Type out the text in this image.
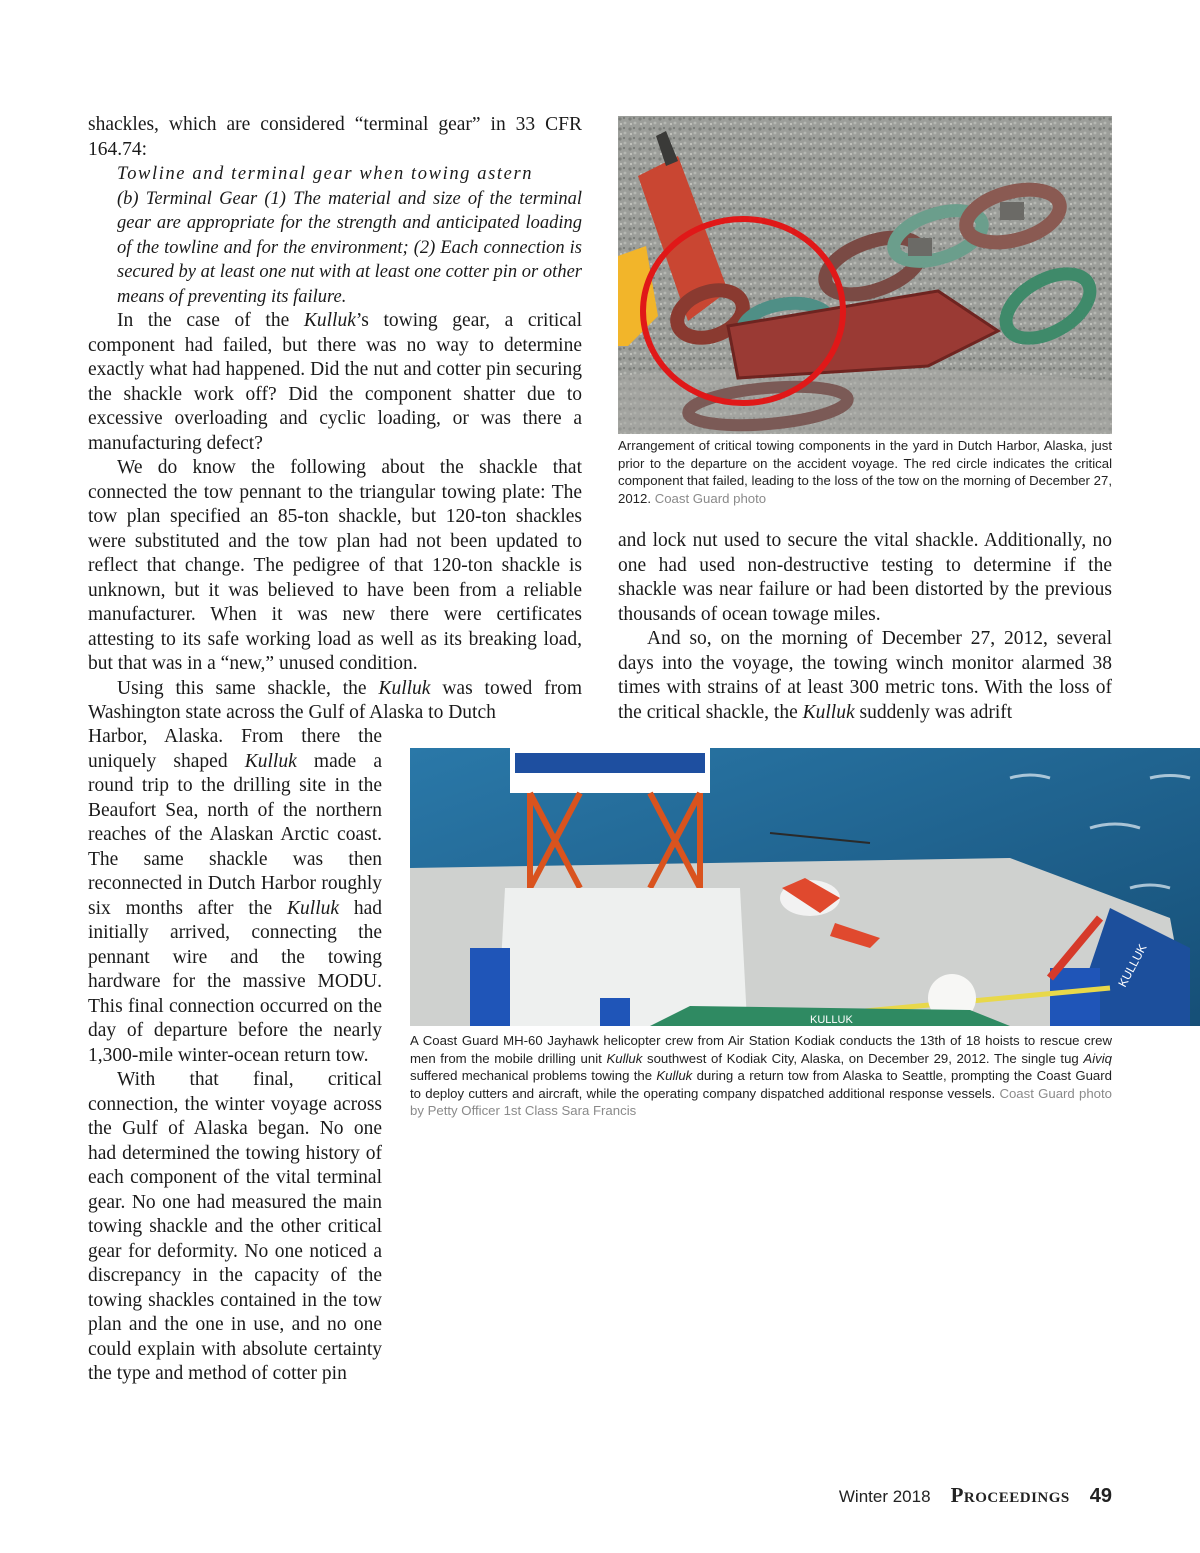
shackles, which are considered “terminal gear” in 33 CFR 164.74:

Towline and terminal gear when towing astern
(b) Terminal Gear (1) The material and size of the terminal gear are appropriate for the strength and anticipated loading of the towline and for the environment; (2) Each connection is secured by at least one nut with at least one cotter pin or other means of preventing its failure.

In the case of the Kulluk’s towing gear, a critical component had failed, but there was no way to determine exactly what had happened. Did the nut and cotter pin securing the shackle work off? Did the component shatter due to excessive overloading and cyclic loading, or was there a manufacturing defect?

We do know the following about the shackle that connected the tow pennant to the triangular towing plate: The tow plan specified an 85-ton shackle, but 120-ton shackles were substituted and the tow plan had not been updated to reflect that change. The pedigree of that 120-ton shackle is unknown, but it was believed to have been from a reliable manufacturer. When it was new there were certificates attesting to its safe working load as well as its breaking load, but that was in a “new,” unused condition.

Using this same shackle, the Kulluk was towed from Washington state across the Gulf of Alaska to Dutch

Harbor, Alaska. From there the uniquely shaped Kulluk made a round trip to the drilling site in the Beaufort Sea, north of the northern reaches of the Alaskan Arctic coast. The same shackle was then reconnected in Dutch Harbor roughly six months after the Kulluk had initially arrived, connecting the pennant wire and the towing hardware for the massive MODU. This final connection occurred on the day of departure before the nearly 1,300-mile winter-ocean return tow.

With that final, critical connection, the winter voyage across the Gulf of Alaska began. No one had determined the towing history of each component of the vital terminal gear. No one had measured the main towing shackle and the other critical gear for deformity. No one noticed a discrepancy in the capacity of the towing shackles contained in the tow plan and the one in use, and no one could explain with absolute certainty the type and method of cotter pin

Arrangement of critical towing components in the yard in Dutch Harbor, Alaska, just prior to the departure on the accident voyage. The red circle indicates the critical component that failed, leading to the loss of the tow on the morning of December 27, 2012. Coast Guard photo

and lock nut used to secure the vital shackle. Additionally, no one had used non-destructive testing to determine if the shackle was near failure or had been distorted by the previous thousands of ocean towage miles.

And so, on the morning of December 27, 2012, several days into the voyage, the towing winch monitor alarmed 38 times with strains of at least 300 metric tons. With the loss of the critical shackle, the Kulluk suddenly was adrift

KULLUK
KULLUK
A Coast Guard MH-60 Jayhawk helicopter crew from Air Station Kodiak conducts the 13th of 18 hoists to rescue crew men from the mobile drilling unit Kulluk southwest of Kodiak City, Alaska, on December 29, 2012. The single tug Aiviq suffered mechanical problems towing the Kulluk during a return tow from Alaska to Seattle, prompting the Coast Guard to deploy cutters and aircraft, while the operating company dispatched additional response vessels. Coast Guard photo by Petty Officer 1st Class Sara Francis
Winter 2018 Proceedings 49
